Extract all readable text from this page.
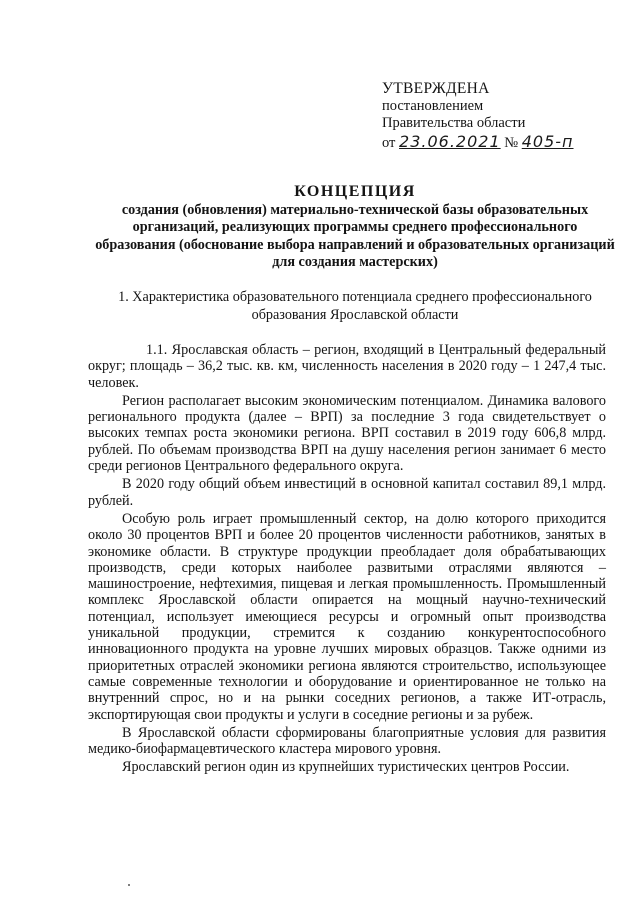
УТВЕРЖДЕНА
постановлением
Правительства области
от 23.06.2021 № 405-п
КОНЦЕПЦИЯ
создания (обновления) материально-технической базы образовательных организаций, реализующих программы среднего профессионального образования (обоснование выбора направлений и образовательных организаций для создания мастерских)
1. Характеристика образовательного потенциала среднего профессионального образования Ярославской области

1.1. Ярославская область – регион, входящий в Центральный федеральный округ; площадь – 36,2 тыс. кв. км, численность населения в 2020 году – 1 247,4 тыс. человек.

Регион располагает высоким экономическим потенциалом. Динамика валового регионального продукта (далее – ВРП) за последние 3 года свидетельствует о высоких темпах роста экономики региона. ВРП составил в 2019 году 606,8 млрд. рублей. По объемам производства ВРП на душу населения регион занимает 6 место среди регионов Центрального федерального округа.

В 2020 году общий объем инвестиций в основной капитал составил 89,1 млрд. рублей.

Особую роль играет промышленный сектор, на долю которого приходится около 30 процентов ВРП и более 20 процентов численности работников, занятых в экономике области. В структуре продукции преобладает доля обрабатывающих производств, среди которых наиболее развитыми отраслями являются – машиностроение, нефтехимия, пищевая и легкая промышленность. Промышленный комплекс Ярославской области опирается на мощный научно-технический потенциал, использует имеющиеся ресурсы и огромный опыт производства уникальной продукции, стремится к созданию конкурентоспособного инновационного продукта на уровне лучших мировых образцов. Также одними из приоритетных отраслей экономики региона являются строительство, использующее самые современные технологии и оборудование и ориентированное не только на внутренний спрос, но и на рынки соседних регионов, а также ИТ-отрасль, экспортирующая свои продукты и услуги в соседние регионы и за рубеж.

В Ярославской области сформированы благоприятные условия для развития медико-биофармацевтического кластера мирового уровня.

Ярославский регион один из крупнейших туристических центров России.
